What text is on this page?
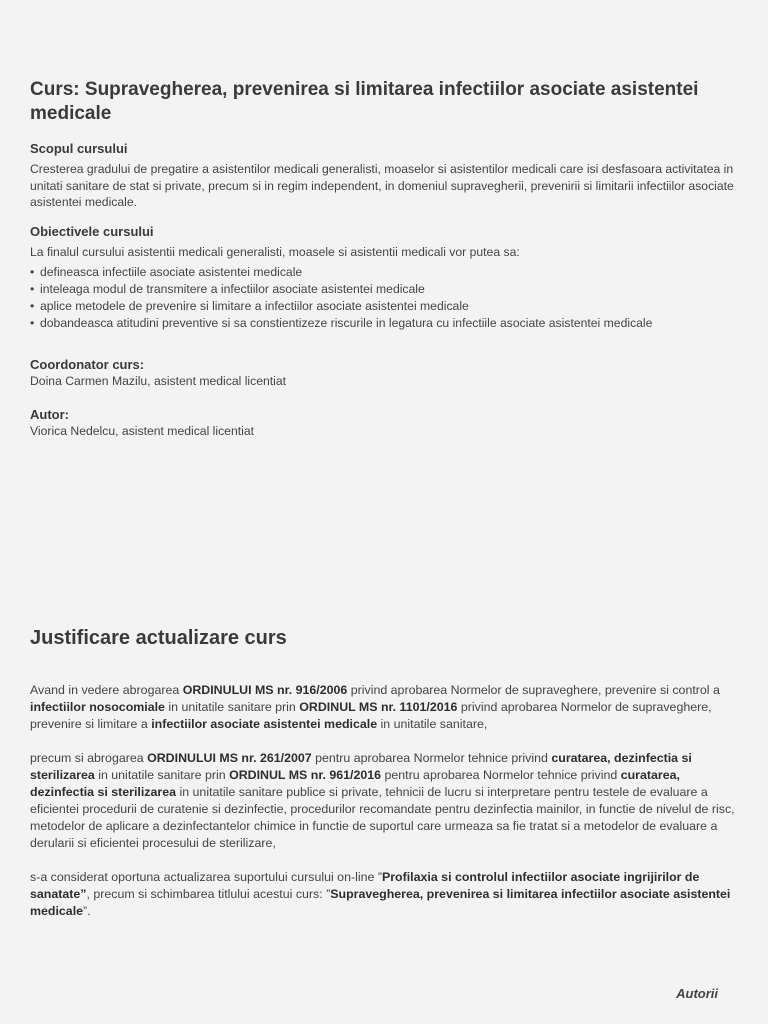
Curs: Supravegherea, prevenirea si limitarea infectiilor asociate asistentei medicale
Scopul cursului

Cresterea gradului de pregatire a asistentilor medicali generalisti, moaselor si asistentilor medicali care isi desfasoara activitatea in unitati sanitare de stat si private, precum si in regim independent, in domeniul supravegherii, prevenirii si limitarii infectiilor asociate asistentei medicale.

Obiectivele cursului

La finalul cursului asistentii medicali generalisti, moasele si asistentii medicali vor putea sa:

• defineasca infectiile asociate asistentei medicale
• inteleaga modul de transmitere a infectiilor asociate asistentei medicale
• aplice metodele de prevenire si limitare a infectiilor asociate asistentei medicale
• dobandeasca atitudini preventive si sa constientizeze riscurile in legatura cu infectiile asociate asistentei medicale
Coordonator curs:

Doina Carmen Mazilu, asistent medical licentiat

Autor:

Viorica Nedelcu, asistent medical licentiat

Justificare actualizare curs

Avand in vedere abrogarea ORDINULUI MS nr. 916/2006 privind aprobarea Normelor de supraveghere, prevenire si control a infectiilor nosocomiale in unitatile sanitare prin ORDINUL MS nr. 1101/2016 privind aprobarea Normelor de supraveghere, prevenire si limitare a infectiilor asociate asistentei medicale in unitatile sanitare,

precum si abrogarea ORDINULUI MS nr. 261/2007 pentru aprobarea Normelor tehnice privind curatarea, dezinfectia si sterilizarea in unitatile sanitare prin ORDINUL MS nr. 961/2016 pentru aprobarea Normelor tehnice privind curatarea, dezinfectia si sterilizarea in unitatile sanitare publice si private, tehnicii de lucru si interpretare pentru testele de evaluare a eficientei procedurii de curatenie si dezinfectie, procedurilor recomandate pentru dezinfectia mainilor, in functie de nivelul de risc, metodelor de aplicare a dezinfectantelor chimice in functie de suportul care urmeaza sa fie tratat si a metodelor de evaluare a derularii si eficientei procesului de sterilizare,

s-a considerat oportuna actualizarea suportului cursului on-line ”Profilaxia si controlul infectiilor asociate ingrijirilor de sanatate”, precum si schimbarea titlului acestui curs: ”Supravegherea, prevenirea si limitarea infectiilor asociate asistentei medicale”.

Autorii
